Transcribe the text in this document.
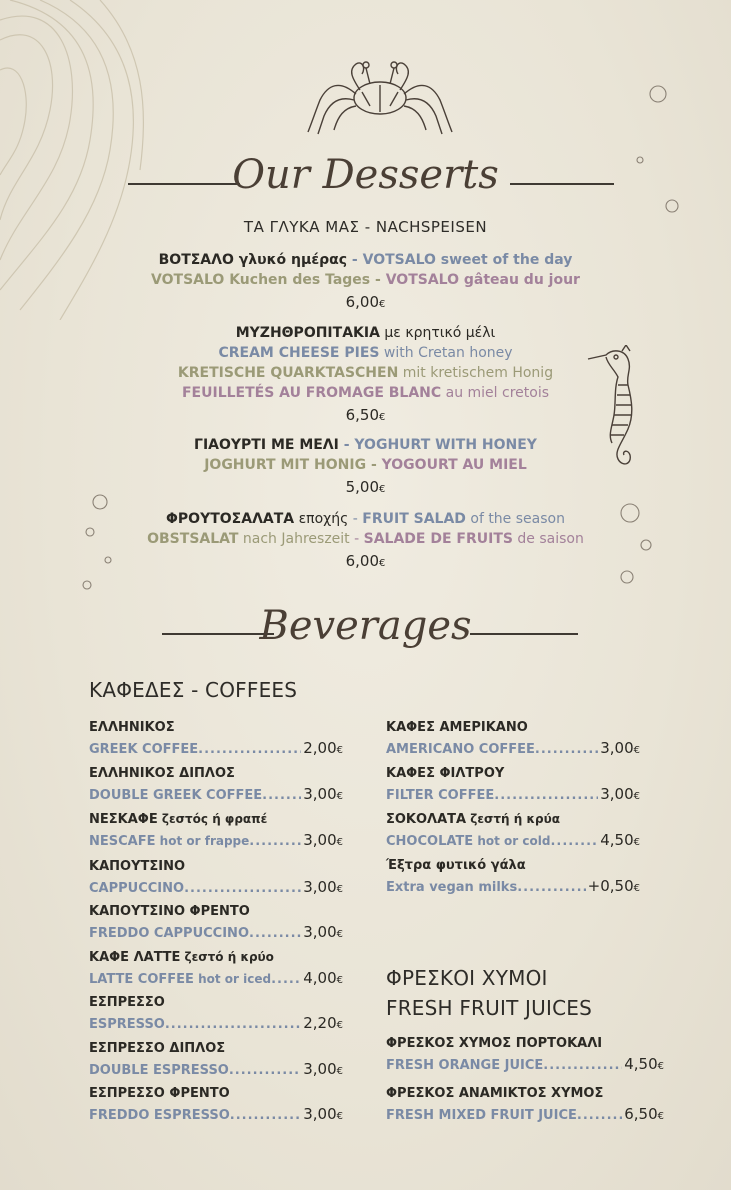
Our Desserts
ΤΑ ΓΛΥΚΑ ΜΑΣ - NACHSPEISEN
ΒΟΤΣΑΛΟ γλυκό ημέρας - VOTSALO sweet of the day
VOTSALO Kuchen des Tages - VOTSALO gâteau du jour
6,00€
ΜΥΖΗΘΡΟΠΙΤΑΚΙΑ με κρητικό μέλι
CREAM CHEESE PIES with Cretan honey
KRETISCHE QUARKTASCHEN mit kretischem Honig
FEUILLETÉS AU FROMAGE BLANC au miel cretois
6,50€
ΓΙΑΟΥΡΤΙ ΜΕ ΜΕΛΙ - YOGHURT WITH HONEY
JOGHURT MIT HONIG - YOGOURT AU MIEL
5,00€
ΦΡΟΥΤΟΣΑΛΑΤΑ εποχής - FRUIT SALAD of the season
OBSTSALAT nach Jahreszeit - SALADE DE FRUITS de saison
6,00€
Beverages
ΚΑΦΕΔΕΣ - COFFEES
ΕΛΛΗΝΙΚΟΣ
GREEK COFFEE .....	2,00€
ΕΛΛΗΝΙΚΟΣ ΔΙΠΛΟΣ
DOUBLE GREEK COFFEE .....	3,00€
ΝΕΣΚΑΦΕ ζεστός ή φραπέ
NESCAFE hot or frappe .....	3,00€
ΚΑΠΟΥΤΣΙΝΟ
CAPPUCCINO .....	3,00€
ΚΑΠΟΥΤΣΙΝΟ ΦΡΕΝΤΟ
FREDDO CAPPUCCINO .....	3,00€
ΚΑΦΕ ΛΑΤΤΕ ζεστό ή κρύο
LATTE COFFEE hot or iced ..... 4,00€
ΕΣΠΡΕΣΣΟ
ESPRESSO .....	2,20€
ΕΣΠΡΕΣΣΟ ΔΙΠΛΟΣ
DOUBLE ESPRESSO .....	3,00€
ΕΣΠΡΕΣΣΟ ΦΡΕΝΤΟ
FREDDO ESPRESSO .....	3,00€
ΚΑΦΕΣ ΑΜΕΡΙΚΑΝΟ
AMERICANO COFFEE .....	3,00€
ΚΑΦΕΣ ΦΙΛΤΡΟΥ
FILTER COFFEE .....	3,00€
ΣΟΚΟΛΑΤΑ ζεστή ή κρύα
CHOCOLATE hot or cold .....	4,50€
Έξτρα φυτικό γάλα
Extra vegan milks .....	+0,50€
ΦΡΕΣΚΟΙ ΧΥΜΟΙ
FRESH FRUIT JUICES
ΦΡΕΣΚΟΣ ΧΥΜΟΣ ΠΟΡΤΟΚΑΛΙ
FRESH ORANGE JUICE .....	4,50€
ΦΡΕΣΚΟΣ ΑΝΑΜΙΚΤΟΣ ΧΥΜΟΣ
FRESH MIXED FRUIT JUICE .....	6,50€
